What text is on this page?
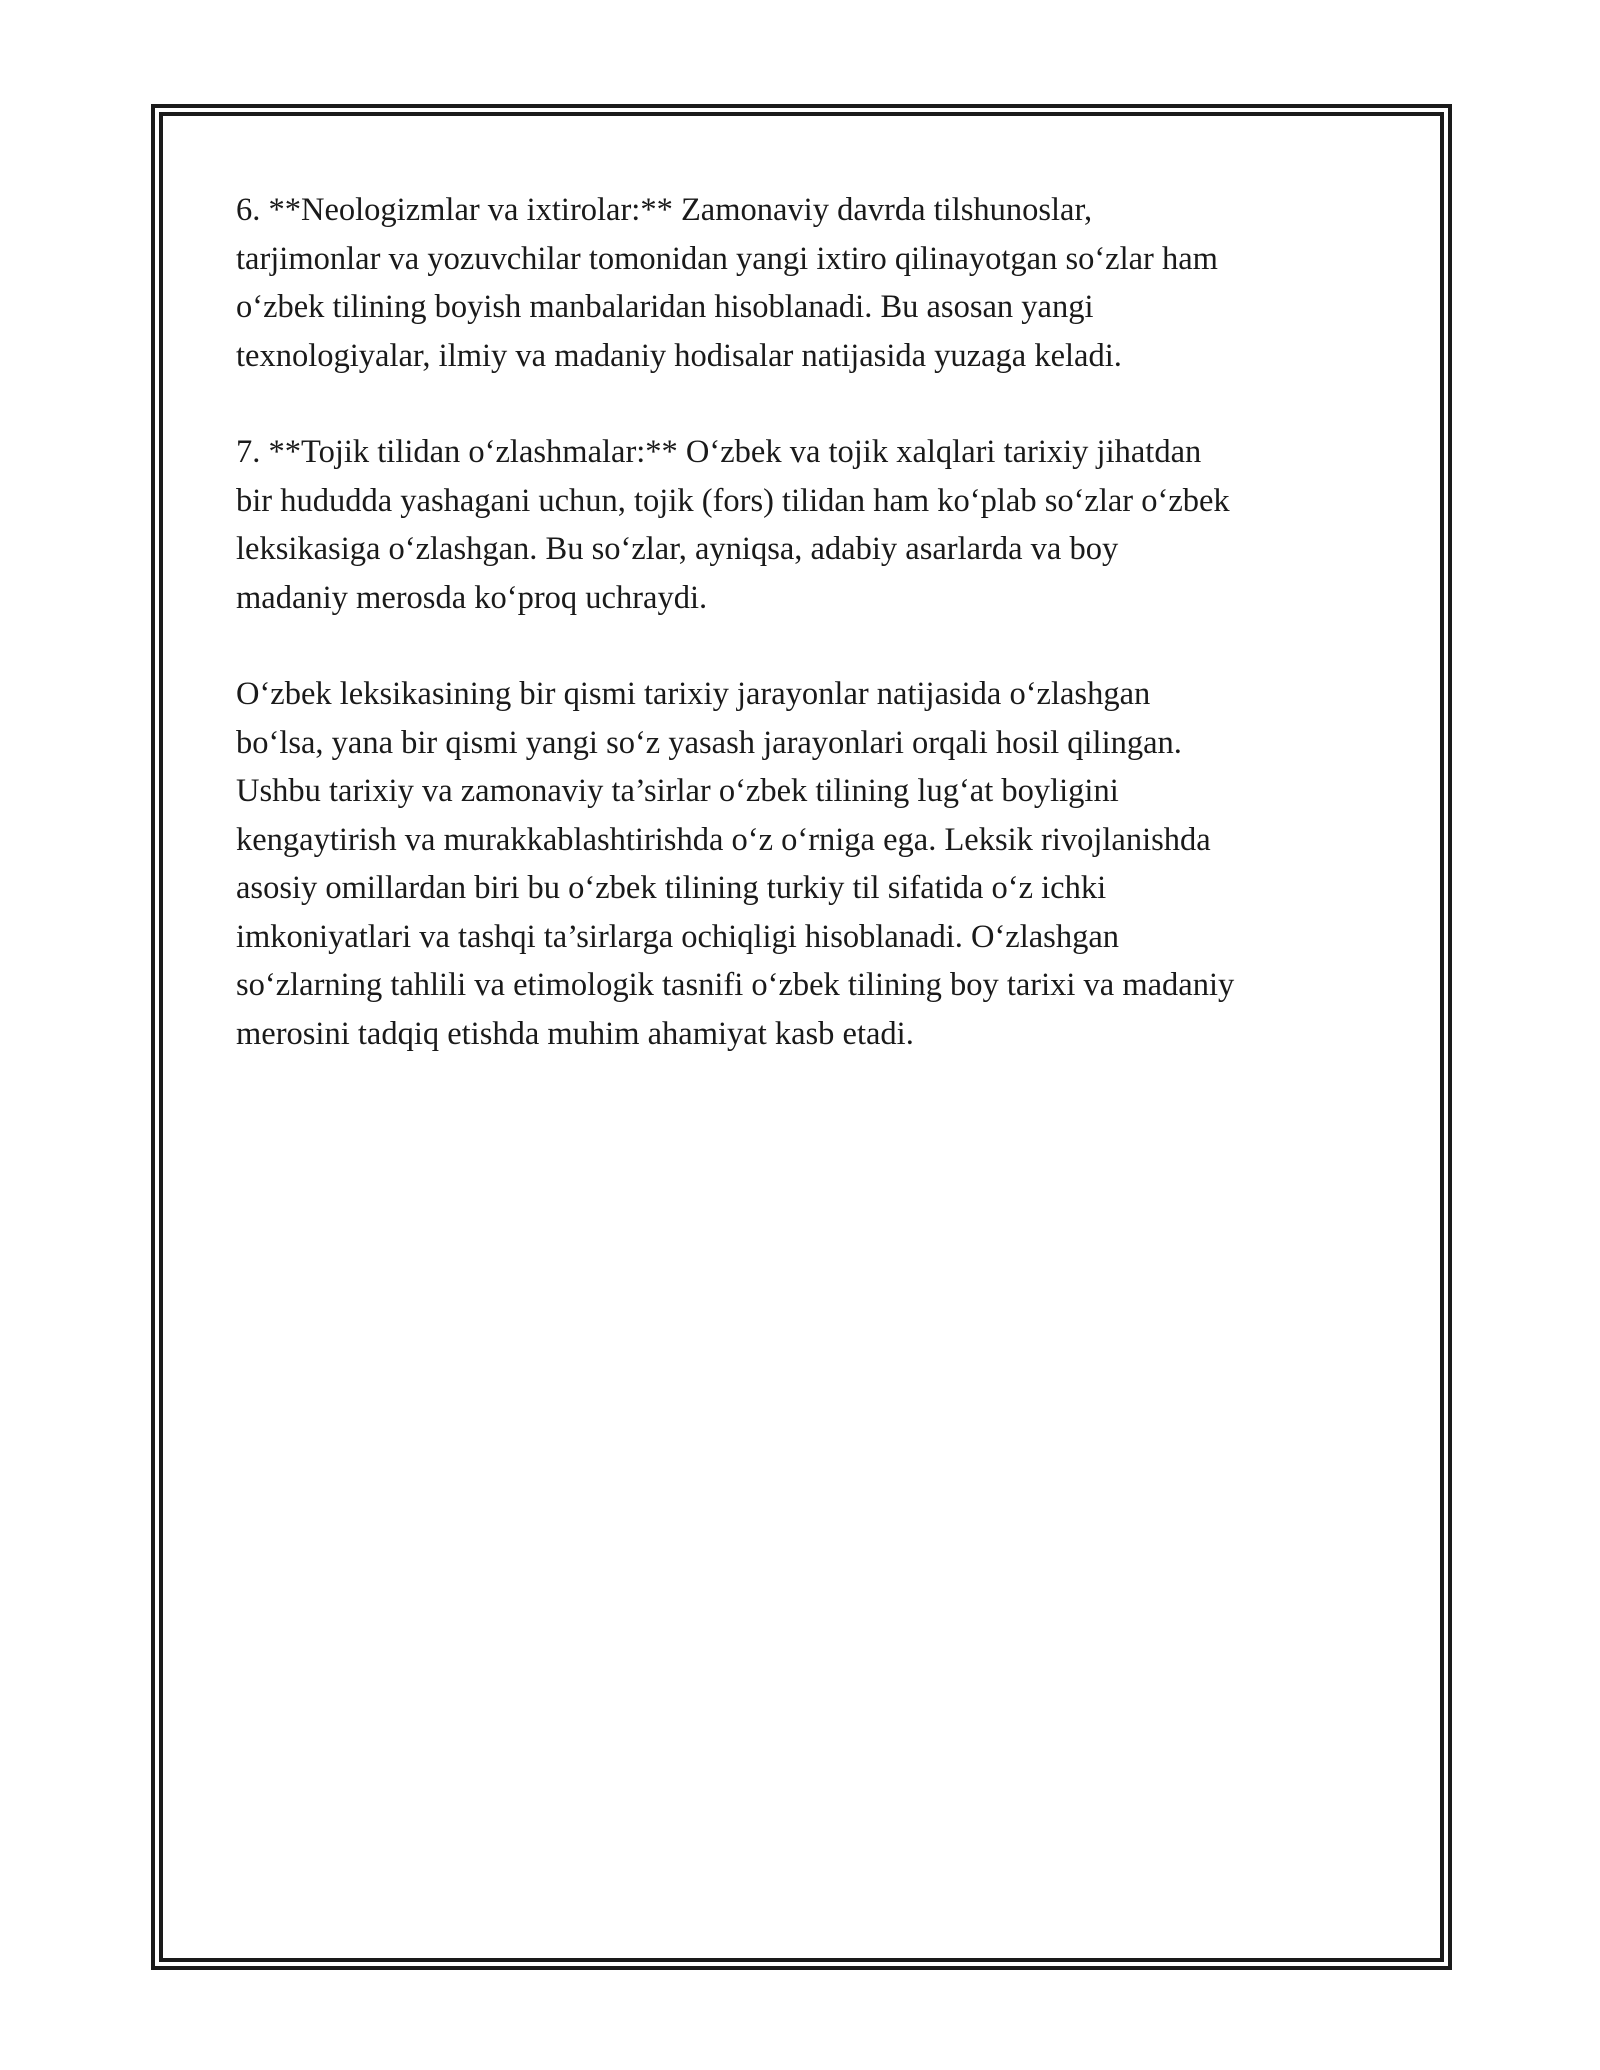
6. **Neologizmlar va ixtirolar:** Zamonaviy davrda tilshunoslar,
tarjimonlar va yozuvchilar tomonidan yangi ixtiro qilinayotgan so‘zlar ham
o‘zbek tilining boyish manbalaridan hisoblanadi. Bu asosan yangi
texnologiyalar, ilmiy va madaniy hodisalar natijasida yuzaga keladi.

7. **Tojik tilidan o‘zlashmalar:** O‘zbek va tojik xalqlari tarixiy jihatdan
bir hududda yashagani uchun, tojik (fors) tilidan ham ko‘plab so‘zlar o‘zbek
leksikasiga o‘zlashgan. Bu so‘zlar, ayniqsa, adabiy asarlarda va boy
madaniy merosda ko‘proq uchraydi.

O‘zbek leksikasining bir qismi tarixiy jarayonlar natijasida o‘zlashgan
bo‘lsa, yana bir qismi yangi so‘z yasash jarayonlari orqali hosil qilingan.
Ushbu tarixiy va zamonaviy ta’sirlar o‘zbek tilining lug‘at boyligini
kengaytirish va murakkablashtirishda o‘z o‘rniga ega. Leksik rivojlanishda
asosiy omillardan biri bu o‘zbek tilining turkiy til sifatida o‘z ichki
imkoniyatlari va tashqi ta’sirlarga ochiqligi hisoblanadi. O‘zlashgan
so‘zlarning tahlili va etimologik tasnifi o‘zbek tilining boy tarixi va madaniy
merosini tadqiq etishda muhim ahamiyat kasb etadi.
